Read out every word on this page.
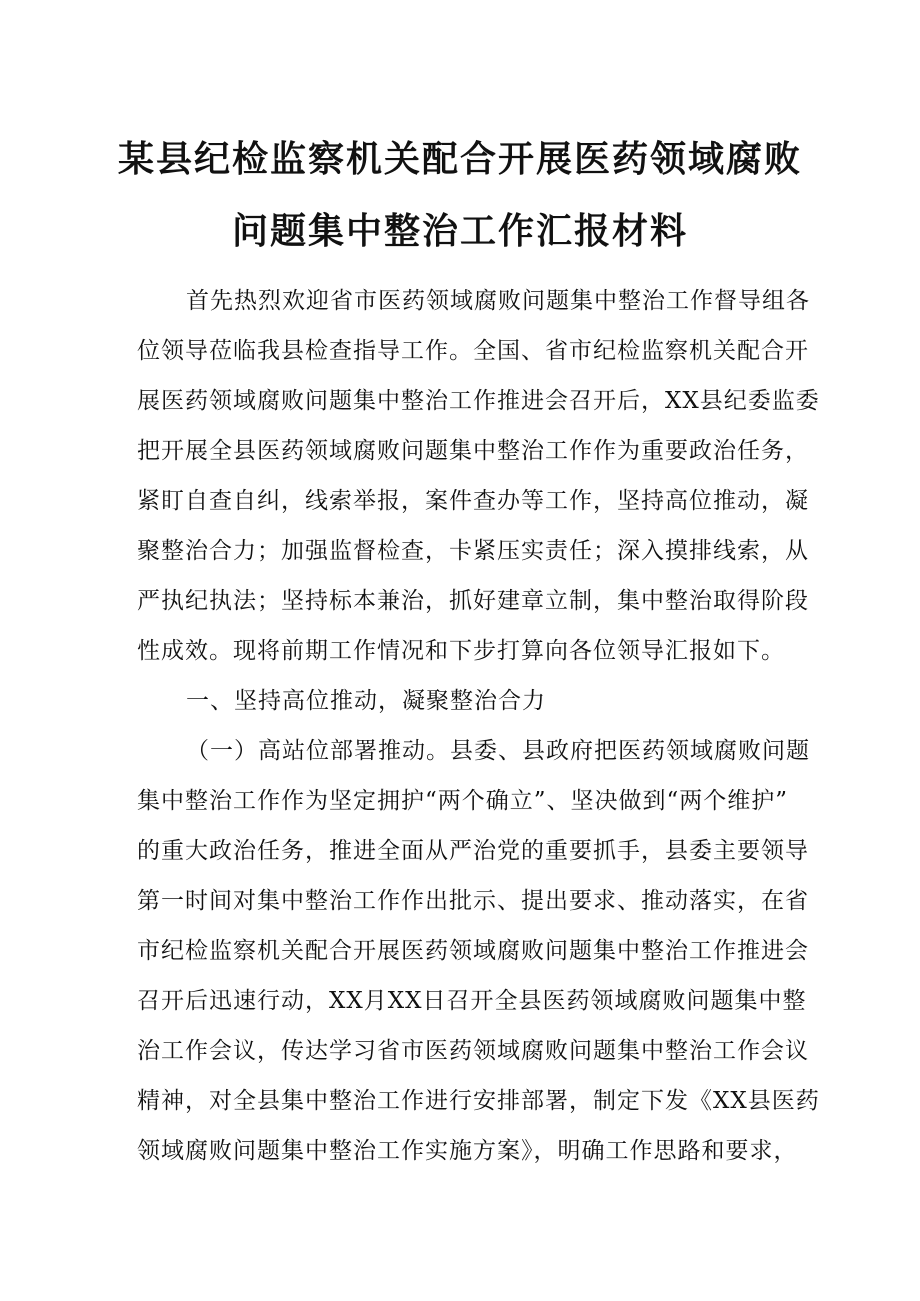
某县纪检监察机关配合开展医药领域腐败
问题集中整治工作汇报材料
首先热烈欢迎省市医药领域腐败问题集中整治工作督导组各
位领导莅临我县检查指导工作。全国、省市纪检监察机关配合开
展医药领域腐败问题集中整治工作推进会召开后，XX县纪委监委
把开展全县医药领域腐败问题集中整治工作作为重要政治任务，
紧盯自查自纠，线索举报，案件查办等工作，坚持高位推动，凝
聚整治合力；加强监督检查，卡紧压实责任；深入摸排线索，从
严执纪执法；坚持标本兼治，抓好建章立制，集中整治取得阶段
性成效。现将前期工作情况和下步打算向各位领导汇报如下。
一、坚持高位推动，凝聚整治合力
（一）高站位部署推动。县委、县政府把医药领域腐败问题
集中整治工作作为坚定拥护“两个确立”、坚决做到“两个维护”
的重大政治任务，推进全面从严治党的重要抓手，县委主要领导
第一时间对集中整治工作作出批示、提出要求、推动落实，在省
市纪检监察机关配合开展医药领域腐败问题集中整治工作推进会
召开后迅速行动，XX月XX日召开全县医药领域腐败问题集中整
治工作会议，传达学习省市医药领域腐败问题集中整治工作会议
精神，对全县集中整治工作进行安排部署，制定下发《XX县医药
领域腐败问题集中整治工作实施方案》，明确工作思路和要求，
